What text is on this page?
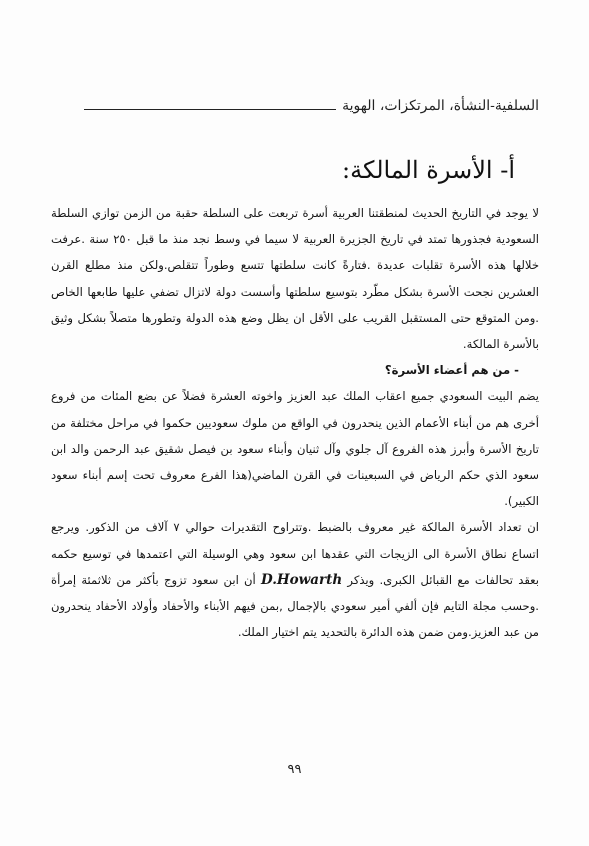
السلفية-النشأة، المرتكزات، الهوية
أ- الأسرة المالكة:

لا يوجد في التاريخ الحديث لمنطقتنا العربية أسرة تربعت على السلطة حقبة من الزمن توازي السلطة السعودية فجذورها تمتد في تاريخ الجزيرة العربية لا سيما في وسط نجد منذ ما قبل ٢٥٠ سنة .عرفت خلالها هذه الأسرة تقلبات عديدة .فتارةً كانت سلطتها تتسع وطوراً تتقلص.ولكن منذ مطلع القرن العشرين نجحت الأسرة بشكل مطّرد بتوسيع سلطتها وأسست دولة لاتزال تضفي عليها طابعها الخاص .ومن المتوقع حتى المستقبل القريب على الأقل ان يظل وضع هذه الدولة وتطورها متصلاً بشكل وثيق بالأسرة المالكة.

- من هم أعضاء الأسرة؟

يضم البيت السعودي جميع اعقاب الملك عبد العزيز واخوته العشرة فضلاً عن بضع المئات من فروع أخرى هم من أبناء الأعمام الذين ينحدرون في الواقع من ملوك سعوديين حكموا في مراحل مختلفة من تاريخ الأسرة وأبرز هذه الفروع آل جلوي وآل ثنيان وأبناء سعود بن فيصل شقيق عبد الرحمن والد ابن سعود الذي حكم الرياض في السبعينات في القرن الماضي(هذا الفرع معروف تحت إسم أبناء سعود الكبير).

ان تعداد الأسرة المالكة غير معروف بالضبط .وتتراوح التقديرات حوالي ٧ آلاف من الذكور. ويرجع اتساع نطاق الأسرة الى الزيجات التي عقدها ابن سعود وهي الوسيلة التي اعتمدها في توسيع حكمه بعقد تحالفات مع القبائل الكبرى. ويذكر D.Howarth أن ابن سعود تزوج بأكثر من ثلاثمئة إمرأة .وحسب مجلة التايم فإن ألفي أمير سعودي بالإجمال ,بمن فيهم الأبناء والأحفاد وأولاد الأحفاد ينحدرون من عبد العزيز.ومن ضمن هذه الدائرة بالتحديد يتم اختيار الملك.

٩٩
